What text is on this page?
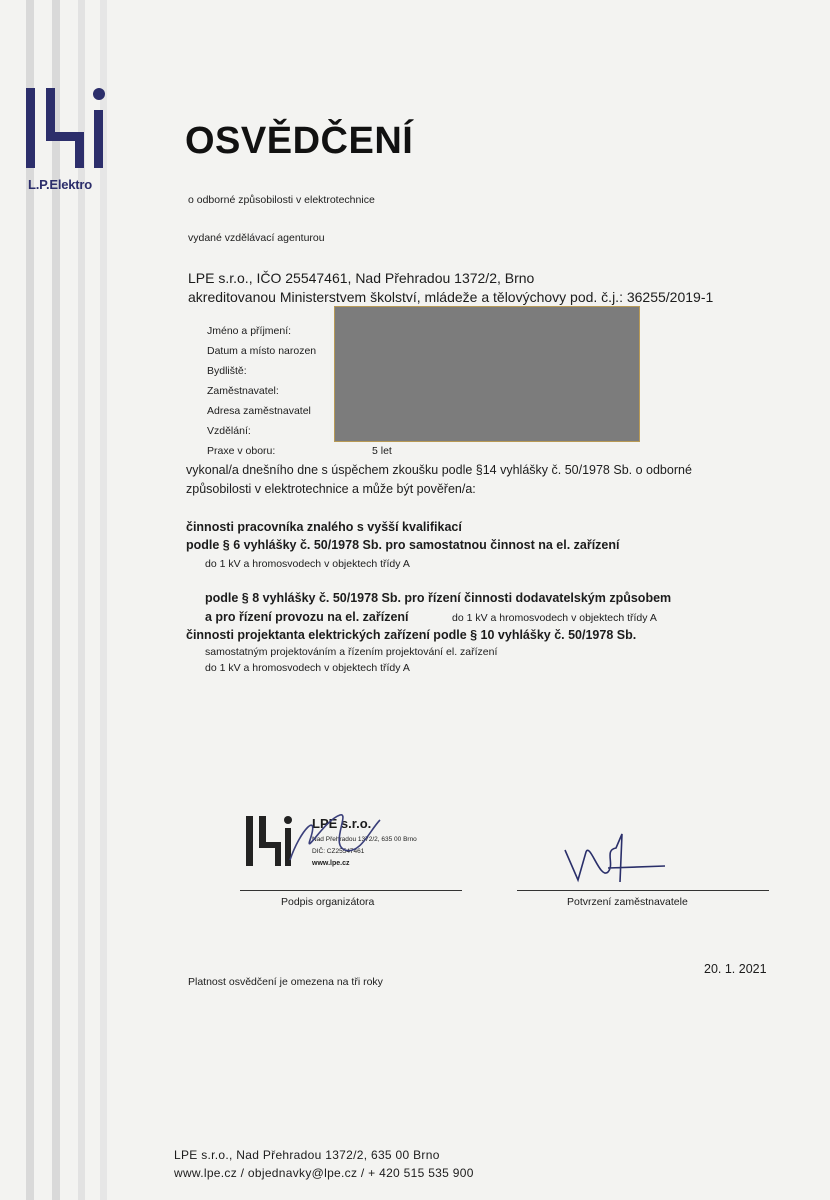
L.P.Elektro
OSVĚDČENÍ
o odborné způsobilosti v elektrotechnice
vydané vzdělávací agenturou
LPE s.r.o., IČO 25547461, Nad Přehradou 1372/2, Brno
akreditovanou Ministerstvem školství, mládeže a tělovýchovy pod. č.j.: 36255/2019-1
Jméno a příjmení:
Datum a místo narozen
Bydliště:
Zaměstnavatel:
Adresa zaměstnavatel
Vzdělání:
Praxe v oboru:	5 let
vykonal/a dnešního dne s úspěchem zkoušku podle §14 vyhlášky č. 50/1978 Sb. o odborné
způsobilosti v elektrotechnice a může být pověřen/a:
činnosti pracovníka znalého s vyšší kvalifikací
podle § 6 vyhlášky č. 50/1978 Sb. pro samostatnou činnost na el. zařízení
do 1 kV a hromosvodech v objektech třídy A
podle § 8 vyhlášky č. 50/1978 Sb. pro řízení činnosti dodavatelským způsobem
a pro řízení provozu na el. zařízení	do 1 kV a hromosvodech v objektech třídy A
činnosti projektanta elektrických zařízení podle § 10 vyhlášky č. 50/1978 Sb.
samostatným projektováním a řízením projektování el. zařízení
do 1 kV a hromosvodech v objektech třídy A
LPE s.r.o.
Nad Přehradou 1372/2, 635 00 Brno
DIČ: CZ25547461
www.lpe.cz
Podpis organizátora	Potvrzení zaměstnavatele
20. 1. 2021
Platnost osvědčení je omezena na tři roky
LPE s.r.o., Nad Přehradou 1372/2, 635 00 Brno
www.lpe.cz / objednavky@lpe.cz / + 420 515 535 900
